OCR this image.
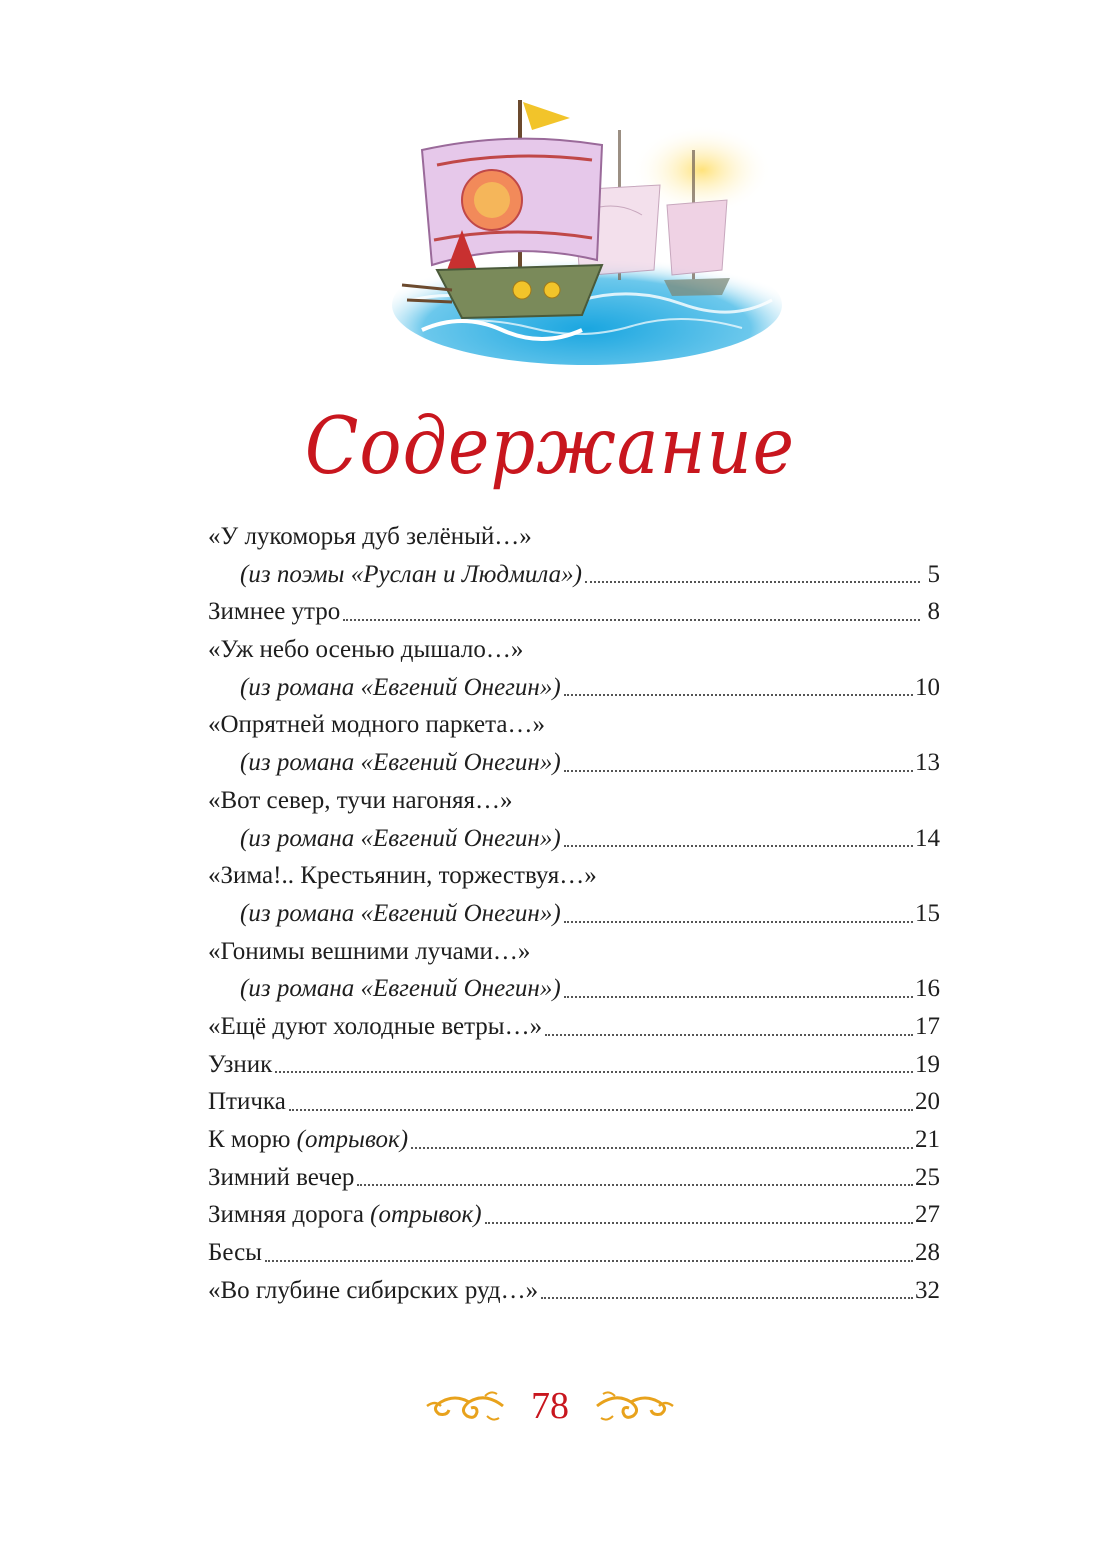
Содержание
«У лукоморья дуб зелёный…»
(из поэмы «Руслан и Людмила»)	5
Зимнее утро	8
«Уж небо осенью дышало…»
(из романа «Евгений Онегин»)	10
«Опрятней модного паркета…»
(из романа «Евгений Онегин»)	13
«Вот север, тучи нагоняя…»
(из романа «Евгений Онегин»)	14
«Зима!.. Крестьянин, торжествуя…»
(из романа «Евгений Онегин»)	15
«Гонимы вешними лучами…»
(из романа «Евгений Онегин»)	16
«Ещё дуют холодные ветры…»	17
Узник	19
Птичка	20
К морю
(отрывок)	21
Зимний вечер	25
Зимняя дорога
(отрывок)	27
Бесы	28
«Во глубине сибирских руд…»	32
78
